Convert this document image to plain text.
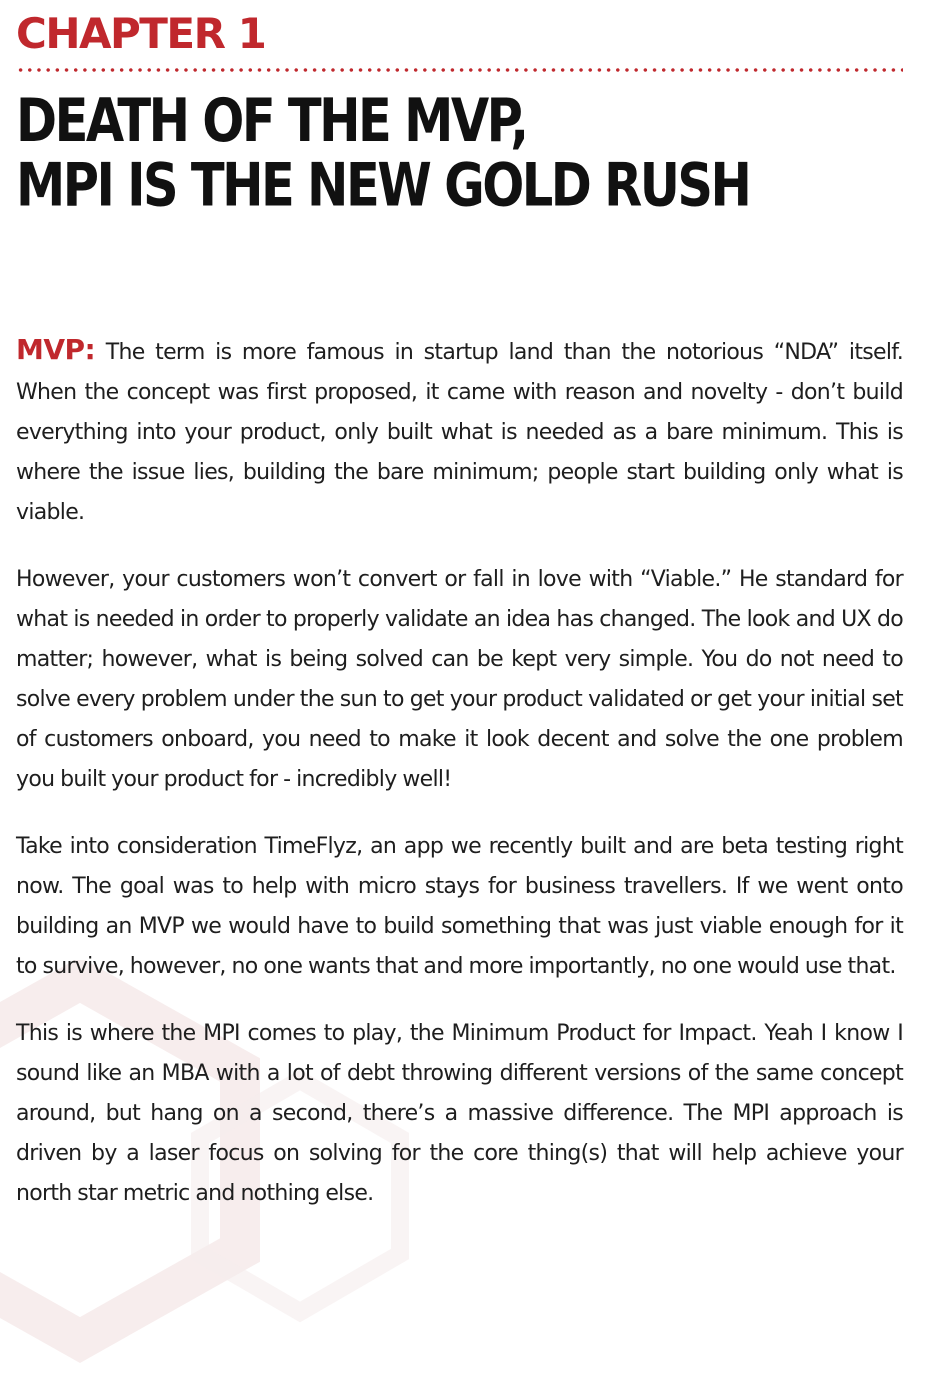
CHAPTER 1
DEATH OF THE MVP,
MPI IS THE NEW GOLD RUSH

MVP: The term is more famous in startup land than the notorious “NDA” itself. When the concept was first proposed, it came with reason and novelty - don’t build everything into your product, only built what is needed as a bare minimum. This is where the issue lies, building the bare minimum; people start building only what is viable.

However, your customers won’t convert or fall in love with “Viable.” He standard for what is needed in order to properly validate an idea has changed. The look and UX do matter; however, what is being solved can be kept very simple. You do not need to solve every problem under the sun to get your product validated or get your initial set of customers onboard, you need to make it look decent and solve the one problem you built your product for - incredibly well!

Take into consideration TimeFlyz, an app we recently built and are beta testing right now. The goal was to help with micro stays for business travellers. If we went onto building an MVP we would have to build something that was just viable enough for it to survive, however, no one wants that and more importantly, no one would use that.

This is where the MPI comes to play, the Minimum Product for Impact. Yeah I know I sound like an MBA with a lot of debt throwing different versions of the same concept around, but hang on a second, there’s a massive difference. The MPI approach is driven by a laser focus on solving for the core thing(s) that will help achieve your north star metric and nothing else.
